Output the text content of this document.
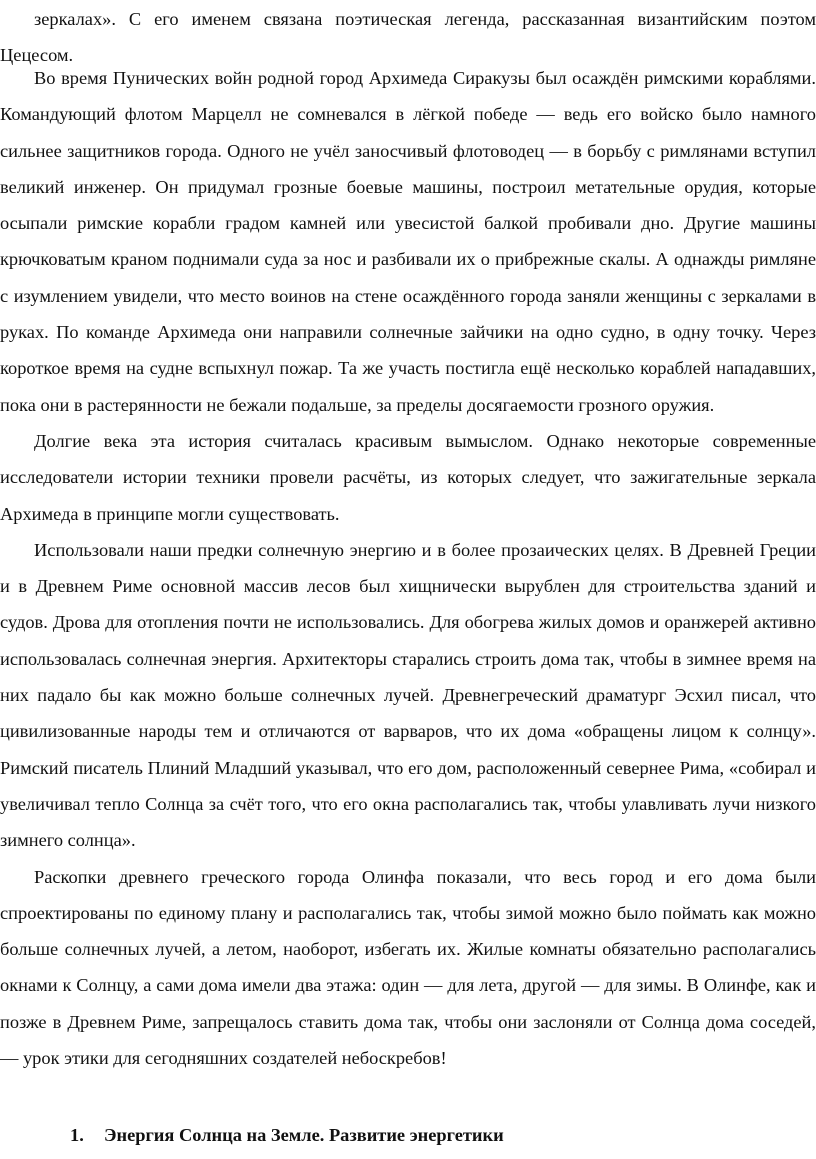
зеркалах». С его именем связана поэтическая легенда, рассказанная византийским поэтом Цецесом.

Во время Пунических войн родной город Архимеда Сиракузы был осаждён римскими кораблями. Командующий флотом Марцелл не сомневался в лёгкой победе — ведь его войско было намного сильнее защитников города. Одного не учёл заносчивый флотоводец — в борьбу с римлянами вступил великий инженер. Он придумал грозные боевые машины, построил метательные орудия, которые осыпали римские корабли градом камней или увесистой балкой пробивали дно. Другие машины крючковатым краном поднимали суда за нос и разбивали их о прибрежные скалы. А однажды римляне с изумлением увидели, что место воинов на стене осаждённого города заняли женщины с зеркалами в руках. По команде Архимеда они направили солнечные зайчики на одно судно, в одну точку. Через короткое время на судне вспыхнул пожар. Та же участь постигла ещё несколько кораблей нападавших, пока они в растерянности не бежали подальше, за пределы досягаемости грозного оружия.

Долгие века эта история считалась красивым вымыслом. Однако некоторые современные исследователи истории техники провели расчёты, из которых следует, что зажигательные зеркала Архимеда в принципе могли существовать.

Использовали наши предки солнечную энергию и в более прозаических целях. В Древней Греции и в Древнем Риме основной массив лесов был хищнически вырублен для строительства зданий и судов. Дрова для отопления почти не использовались. Для обогрева жилых домов и оранжерей активно использовалась солнечная энергия. Архитекторы старались строить дома так, чтобы в зимнее время на них падало бы как можно больше солнечных лучей. Древнегреческий драматург Эсхил писал, что цивилизованные народы тем и отличаются от варваров, что их дома «обращены лицом к солнцу». Римский писатель Плиний Младший указывал, что его дом, расположенный севернее Рима, «собирал и увеличивал тепло Солнца за счёт того, что его окна располагались так, чтобы улавливать лучи низкого зимнего солнца».

Раскопки древнего греческого города Олинфа показали, что весь город и его дома были спроектированы по единому плану и располагались так, чтобы зимой можно было поймать как можно больше солнечных лучей, а летом, наоборот, избегать их. Жилые комнаты обязательно располагались окнами к Солнцу, а сами дома имели два этажа: один — для лета, другой — для зимы. В Олинфе, как и позже в Древнем Риме, запрещалось ставить дома так, чтобы они заслоняли от Солнца дома соседей, — урок этики для сегодняшних создателей небоскребов!

1. Энергия Солнца на Земле. Развитие энергетики
